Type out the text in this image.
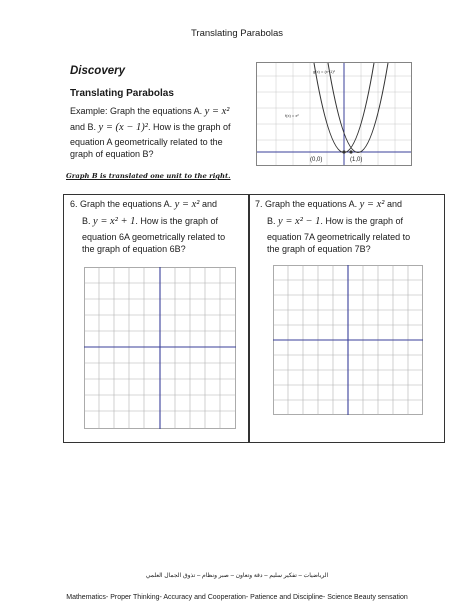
Translating Parabolas
Discovery
Translating Parabolas
Example: Graph the equations A. y = x²
and B. y = (x − 1)². How is the graph of
equation A geometrically related to the
graph of equation B?
g(x) = (x−1)²
f(x) = x²
(0,0)	(1,0)
Graph B is translated one unit to the right.
6. Graph the equations A. y = x² and
B. y = x² + 1. How is the graph of
equation 6A geometrically related to
the graph of equation 6B?
7. Graph the equations A. y = x² and
B. y = x² − 1. How is the graph of
equation 7A geometrically related to
the graph of equation 7B?
الرياضيات – تفكير سليم – دقة وتعاون – صبر ونظام – تذوق الجمال العلمي
Mathematics- Proper Thinking- Accuracy and Cooperation- Patience and Discipline- Science Beauty sensation
